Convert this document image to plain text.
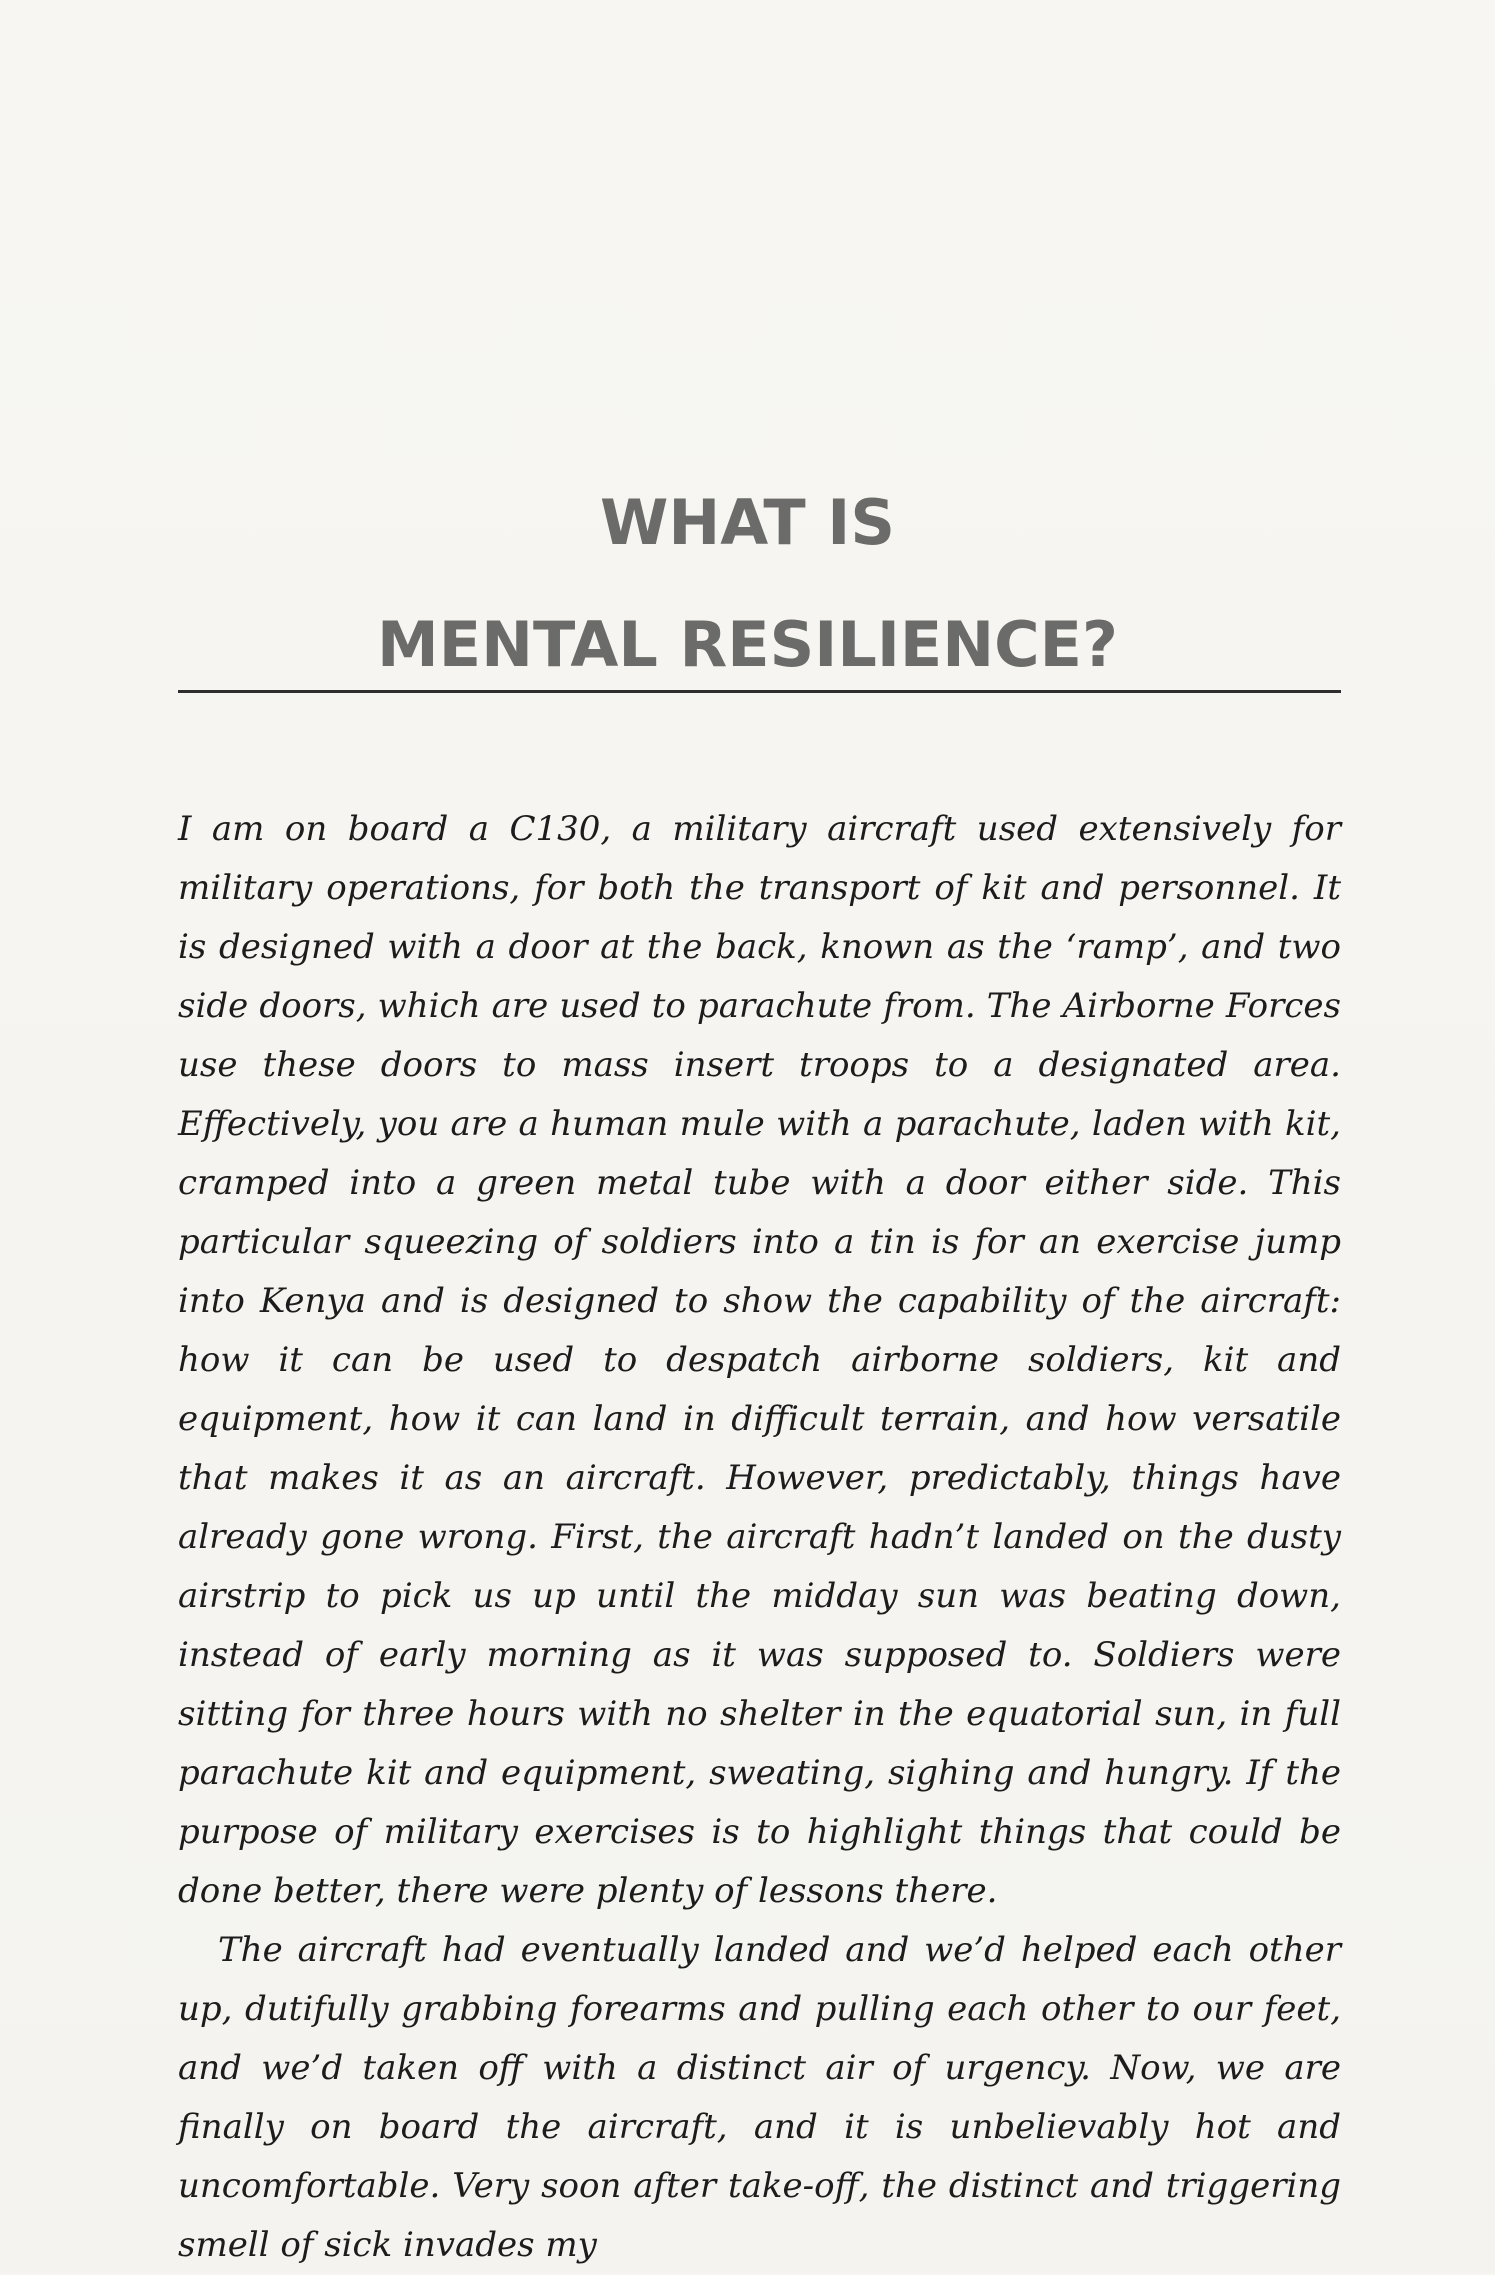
WHAT IS
MENTAL RESILIENCE?

I am on board a C130, a military aircraft used extensively for military operations, for both the transport of kit and personnel. It is designed with a door at the back, known as the ‘ramp’, and two side doors, which are used to parachute from. The Airborne Forces use these doors to mass insert troops to a designated area. Effectively, you are a human mule with a parachute, laden with kit, cramped into a green metal tube with a door either side. This particular squeezing of soldiers into a tin is for an exercise jump into Kenya and is designed to show the capability of the aircraft: how it can be used to despatch airborne soldiers, kit and equipment, how it can land in difficult terrain, and how versatile that makes it as an aircraft. However, predictably, things have already gone wrong. First, the aircraft hadn’t landed on the dusty airstrip to pick us up until the midday sun was beating down, instead of early morning as it was supposed to. Soldiers were sitting for three hours with no shelter in the equatorial sun, in full parachute kit and equipment, sweating, sighing and hungry. If the purpose of military exercises is to highlight things that could be done better, there were plenty of lessons there.

The aircraft had eventually landed and we’d helped each other up, dutifully grabbing forearms and pulling each other to our feet, and we’d taken off with a distinct air of urgency. Now, we are finally on board the aircraft, and it is unbelievably hot and uncomfortable. Very soon after take-off, the distinct and triggering smell of sick invades my
